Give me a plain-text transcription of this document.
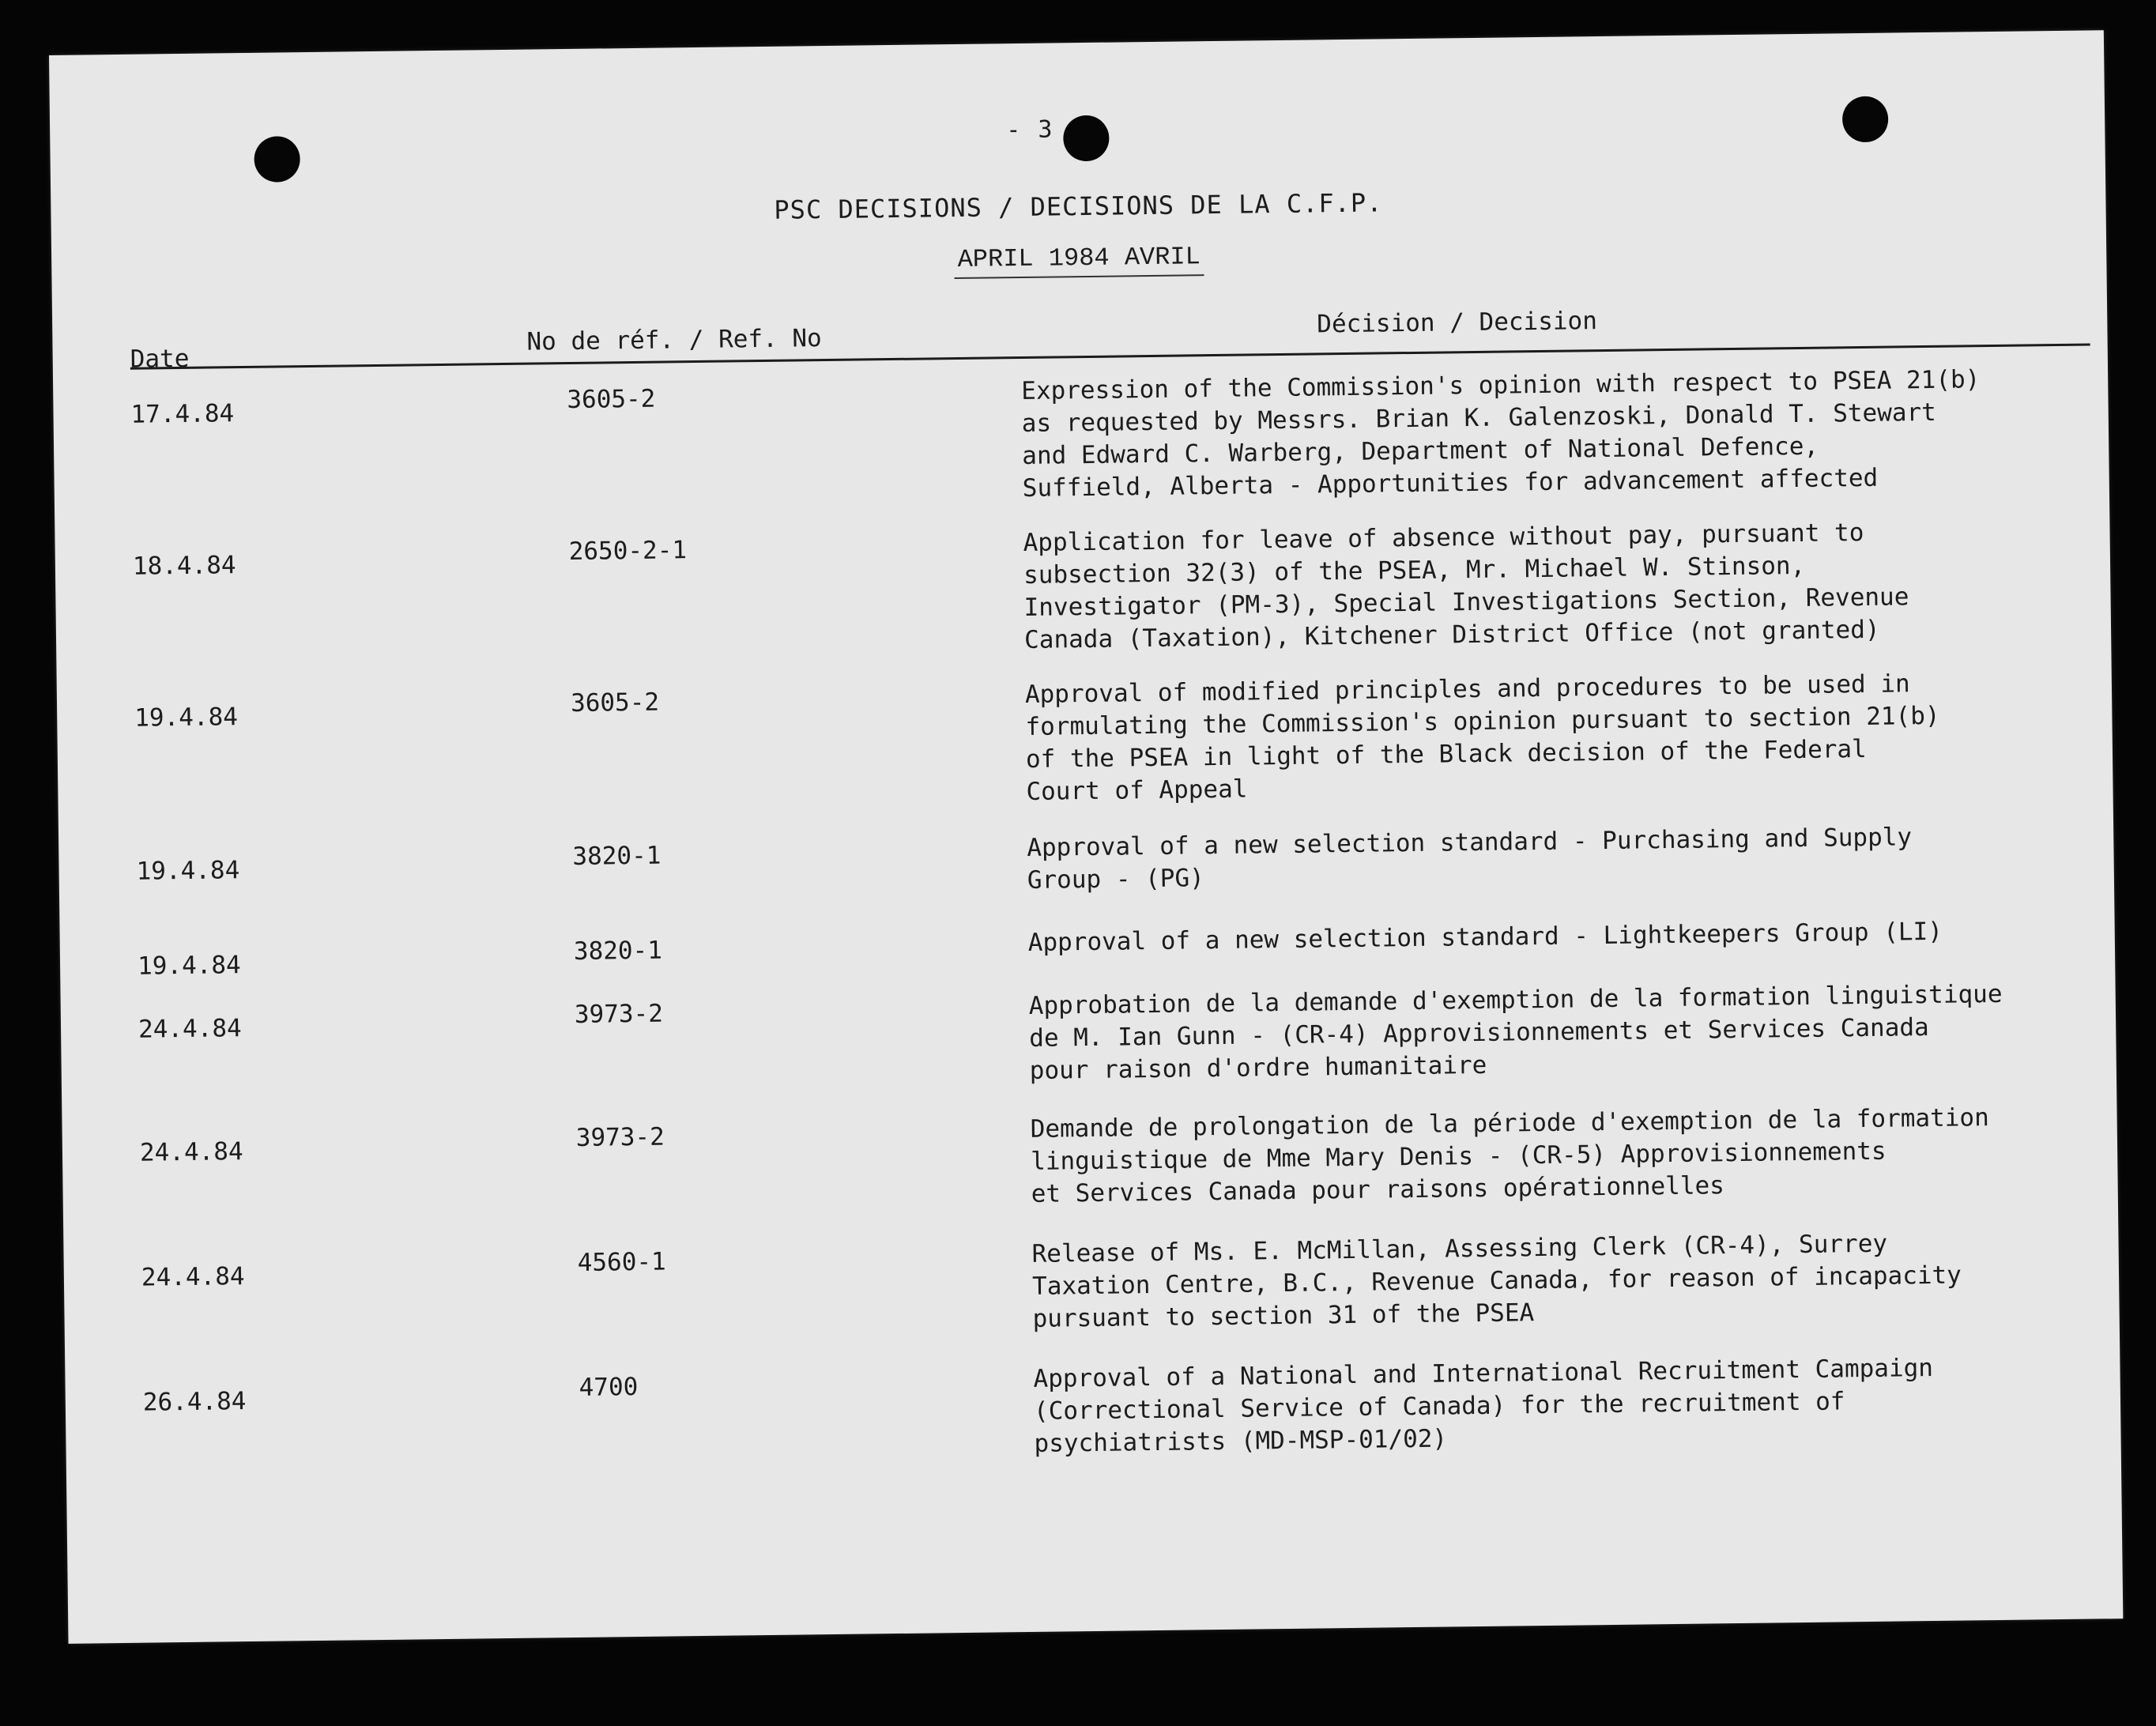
- 3
PSC DECISIONS / DECISIONS DE LA C.F.P.
APRIL 1984 AVRIL
Date
No de réf. / Ref. No
Décision / Decision
17.4.84	3605-2	Expression of the Commission's opinion with respect to PSEA 21(b)
as requested by Messrs. Brian K. Galenzoski, Donald T. Stewart
and Edward C. Warberg, Department of National Defence,
Suffield, Alberta - Apportunities for advancement affected
18.4.84	2650-2-1	Application for leave of absence without pay, pursuant to
subsection 32(3) of the PSEA, Mr. Michael W. Stinson,
Investigator (PM-3), Special Investigations Section, Revenue
Canada (Taxation), Kitchener District Office (not granted)
19.4.84	3605-2	Approval of modified principles and procedures to be used in
formulating the Commission's opinion pursuant to section 21(b)
of the PSEA in light of the Black decision of the Federal
Court of Appeal
19.4.84	3820-1	Approval of a new selection standard - Purchasing and Supply
Group - (PG)
19.4.84	3820-1	Approval of a new selection standard - Lightkeepers Group (LI)
24.4.84	3973-2	Approbation de la demande d'exemption de la formation linguistique
de M. Ian Gunn - (CR-4) Approvisionnements et Services Canada
pour raison d'ordre humanitaire
24.4.84	3973-2	Demande de prolongation de la période d'exemption de la formation
linguistique de Mme Mary Denis - (CR-5) Approvisionnements
et Services Canada pour raisons opérationnelles
24.4.84	4560-1	Release of Ms. E. McMillan, Assessing Clerk (CR-4), Surrey
Taxation Centre, B.C., Revenue Canada, for reason of incapacity
pursuant to section 31 of the PSEA
26.4.84	4700	Approval of a National and International Recruitment Campaign
(Correctional Service of Canada) for the recruitment of
psychiatrists (MD-MSP-01/02)
